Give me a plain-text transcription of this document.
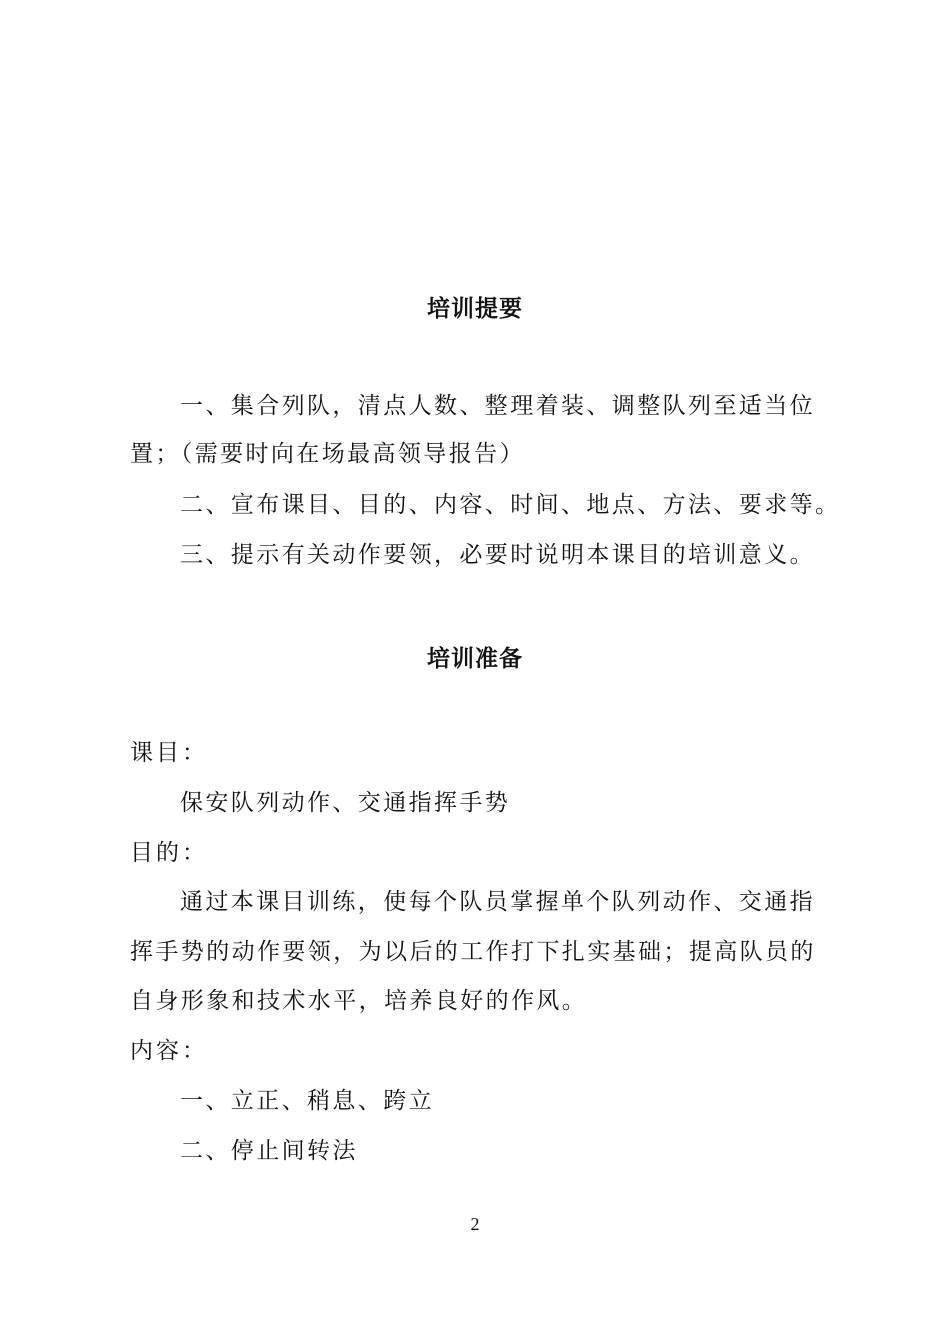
培训提要
一、集合列队，清点人数、整理着装、调整队列至适当位
置；（需要时向在场最高领导报告）
二、宣布课目、目的、内容、时间、地点、方法、要求等。
三、提示有关动作要领，必要时说明本课目的培训意义。
培训准备
课目：
保安队列动作、交通指挥手势
目的：
通过本课目训练，使每个队员掌握单个队列动作、交通指
挥手势的动作要领，为以后的工作打下扎实基础；提高队员的
自身形象和技术水平，培养良好的作风。
内容：
一、立正、稍息、跨立
二、停止间转法
2
